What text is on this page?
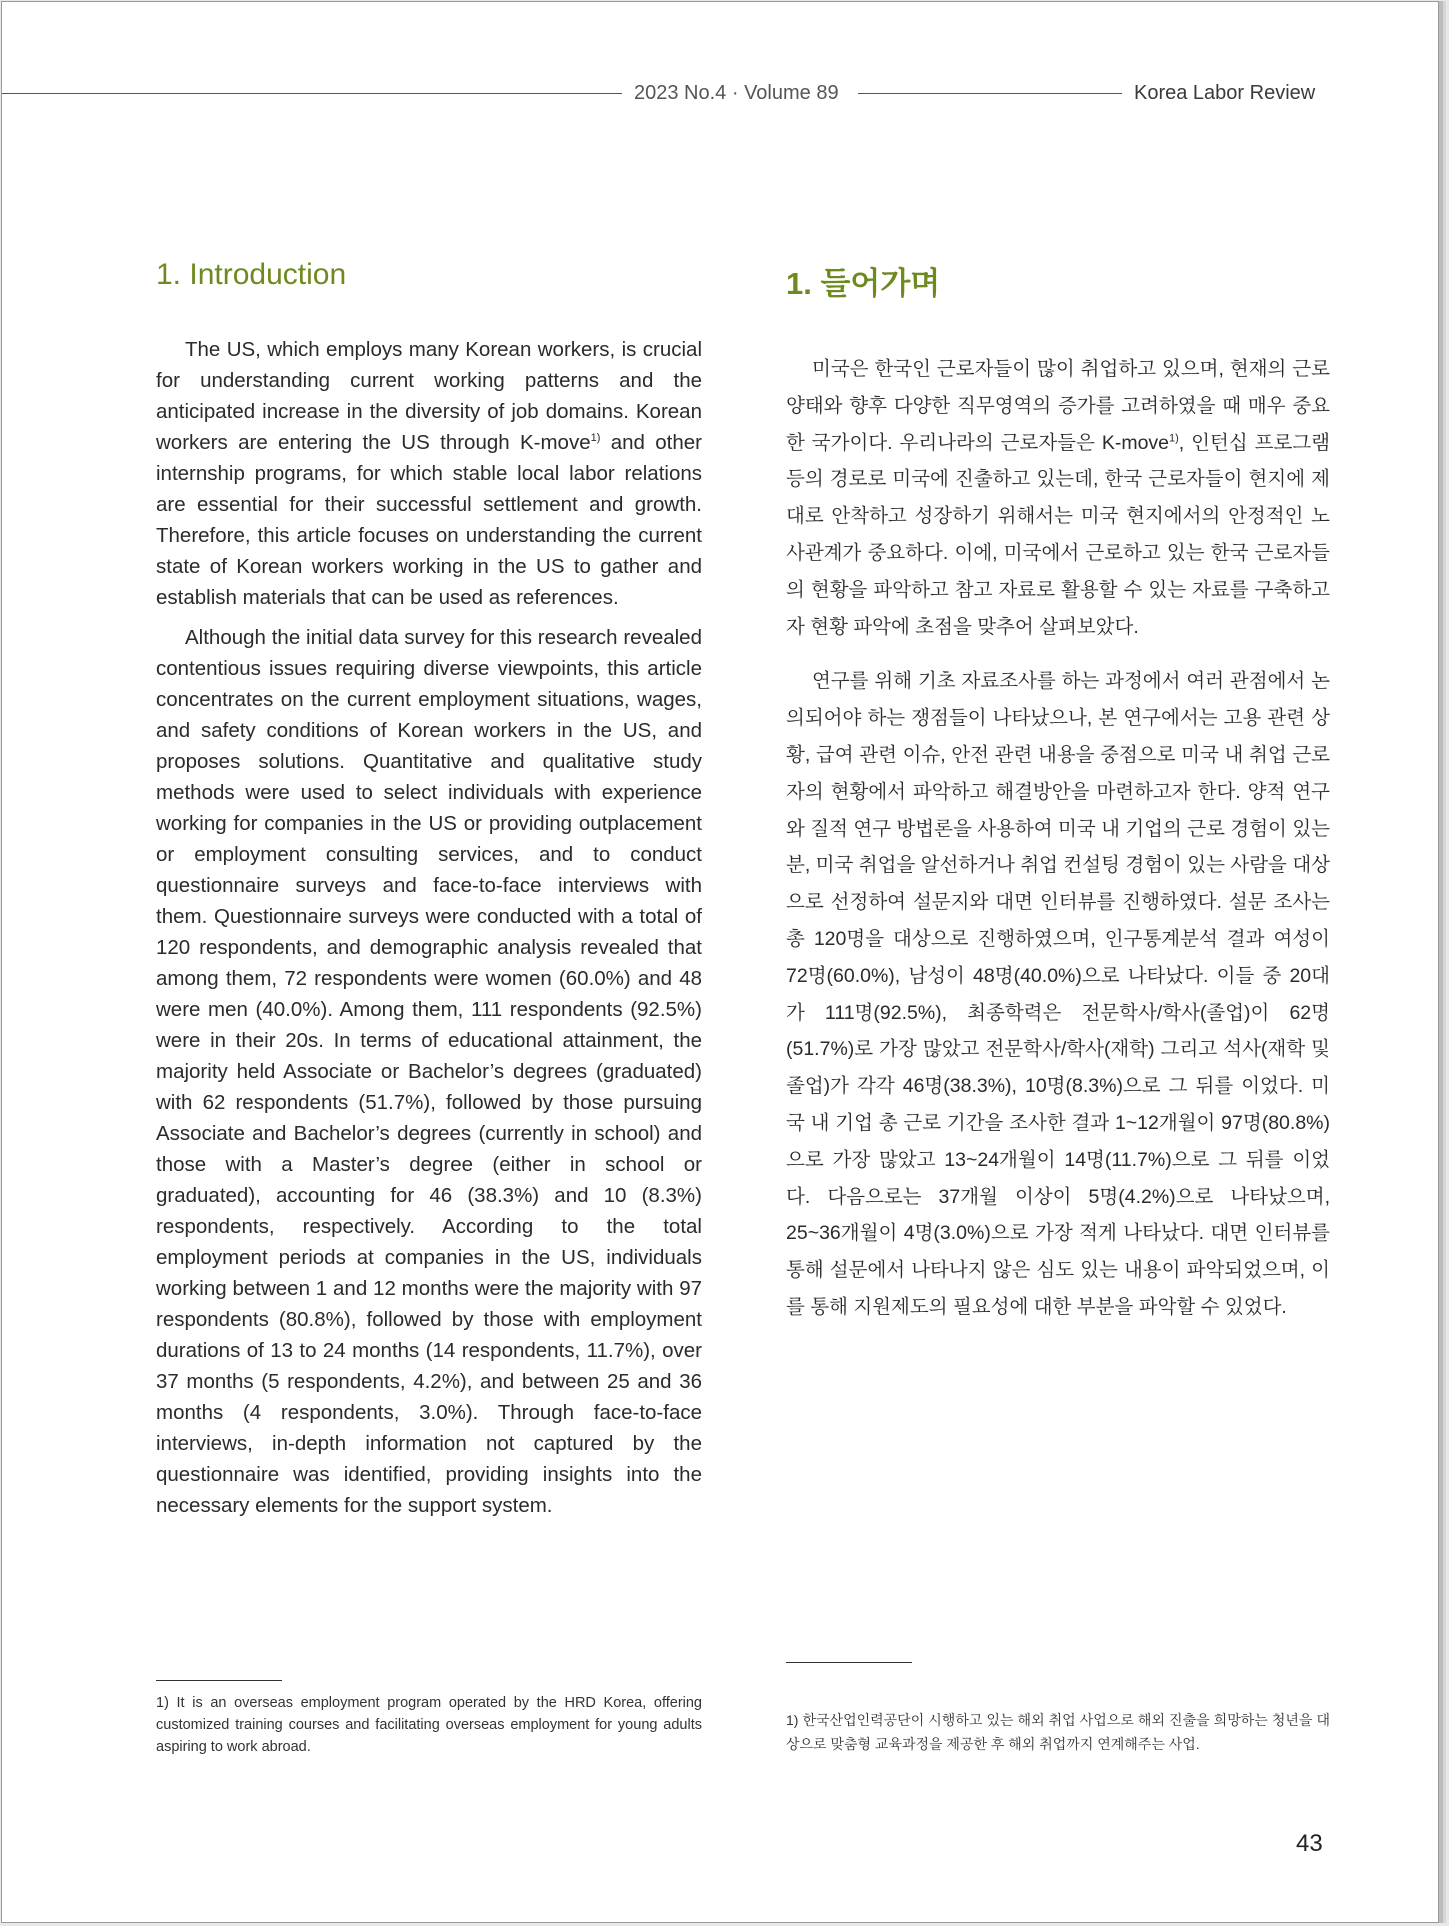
2023 No.4 · Volume 89	Korea Labor Review
1. Introduction

The US, which employs many Korean workers, is crucial for understanding current working patterns and the anticipated increase in the diversity of job domains. Korean workers are entering the US through K-move$^{1)}$ and other internship programs, for which stable local labor relations are essential for their successful settlement and growth. Therefore, this article focuses on understanding the current state of Korean workers working in the US to gather and establish materials that can be used as references.

Although the initial data survey for this research revealed contentious issues requiring diverse viewpoints, this article concentrates on the current employment situations, wages, and safety conditions of Korean workers in the US, and proposes solutions. Quantitative and qualitative study methods were used to select individuals with experience working for companies in the US or providing outplacement or employment consulting services, and to conduct questionnaire surveys and face-to-face interviews with them. Questionnaire surveys were conducted with a total of 120 respondents, and demographic analysis revealed that among them, 72 respondents were women (60.0%) and 48 were men (40.0%). Among them, 111 respondents (92.5%) were in their 20s. In terms of educational attainment, the majority held Associate or Bachelor’s degrees (graduated) with 62 respondents (51.7%), followed by those pursuing Associate and Bachelor’s degrees (currently in school) and those with a Master’s degree (either in school or graduated), accounting for 46 (38.3%) and 10 (8.3%) respondents, respectively. According to the total employment periods at companies in the US, individuals working between 1 and 12 months were the majority with 97 respondents (80.8%), followed by those with employment durations of 13 to 24 months (14 respondents, 11.7%), over 37 months (5 respondents, 4.2%), and between 25 and 36 months (4 respondents, 3.0%). Through face-to-face interviews, in-depth information not captured by the questionnaire was identified, providing insights into the necessary elements for the support system.

1. 들어가며

미국은 한국인 근로자들이 많이 취업하고 있으며, 현재의 근로 양태와 향후 다양한 직무영역의 증가를 고려하였을 때 매우 중요한 국가이다. 우리나라의 근로자들은 K-move$^{1)}$, 인턴십 프로그램 등의 경로로 미국에 진출하고 있는데, 한국 근로자들이 현지에 제대로 안착하고 성장하기 위해서는 미국 현지에서의 안정적인 노사관계가 중요하다. 이에, 미국에서 근로하고 있는 한국 근로자들의 현황을 파악하고 참고 자료로 활용할 수 있는 자료를 구축하고자 현황 파악에 초점을 맞추어 살펴보았다.

연구를 위해 기초 자료조사를 하는 과정에서 여러 관점에서 논의되어야 하는 쟁점들이 나타났으나, 본 연구에서는 고용 관련 상황, 급여 관련 이슈, 안전 관련 내용을 중점으로 미국 내 취업 근로자의 현황에서 파악하고 해결방안을 마련하고자 한다. 양적 연구와 질적 연구 방법론을 사용하여 미국 내 기업의 근로 경험이 있는 분, 미국 취업을 알선하거나 취업 컨설팅 경험이 있는 사람을 대상으로 선정하여 설문지와 대면 인터뷰를 진행하였다. 설문 조사는 총 120명을 대상으로 진행하였으며, 인구통계분석 결과 여성이 72명(60.0%), 남성이 48명(40.0%)으로 나타났다. 이들 중 20대가 111명(92.5%), 최종학력은 전문학사/학사(졸업)이 62명(51.7%)로 가장 많았고 전문학사/학사(재학) 그리고 석사(재학 및 졸업)가 각각 46명(38.3%), 10명(8.3%)으로 그 뒤를 이었다. 미국 내 기업 총 근로 기간을 조사한 결과 1~12개월이 97명(80.8%)으로 가장 많았고 13~24개월이 14명(11.7%)으로 그 뒤를 이었다. 다음으로는 37개월 이상이 5명(4.2%)으로 나타났으며, 25~36개월이 4명(3.0%)으로 가장 적게 나타났다. 대면 인터뷰를 통해 설문에서 나타나지 않은 심도 있는 내용이 파악되었으며, 이를 통해 지원제도의 필요성에 대한 부분을 파악할 수 있었다.

1) It is an overseas employment program operated by the HRD Korea, offering customized training courses and facilitating overseas employment for young adults aspiring to work abroad.
1) 한국산업인력공단이 시행하고 있는 해외 취업 사업으로 해외 진출을 희망하는 청년을 대상으로 맞춤형 교육과정을 제공한 후 해외 취업까지 연계해주는 사업.
43
